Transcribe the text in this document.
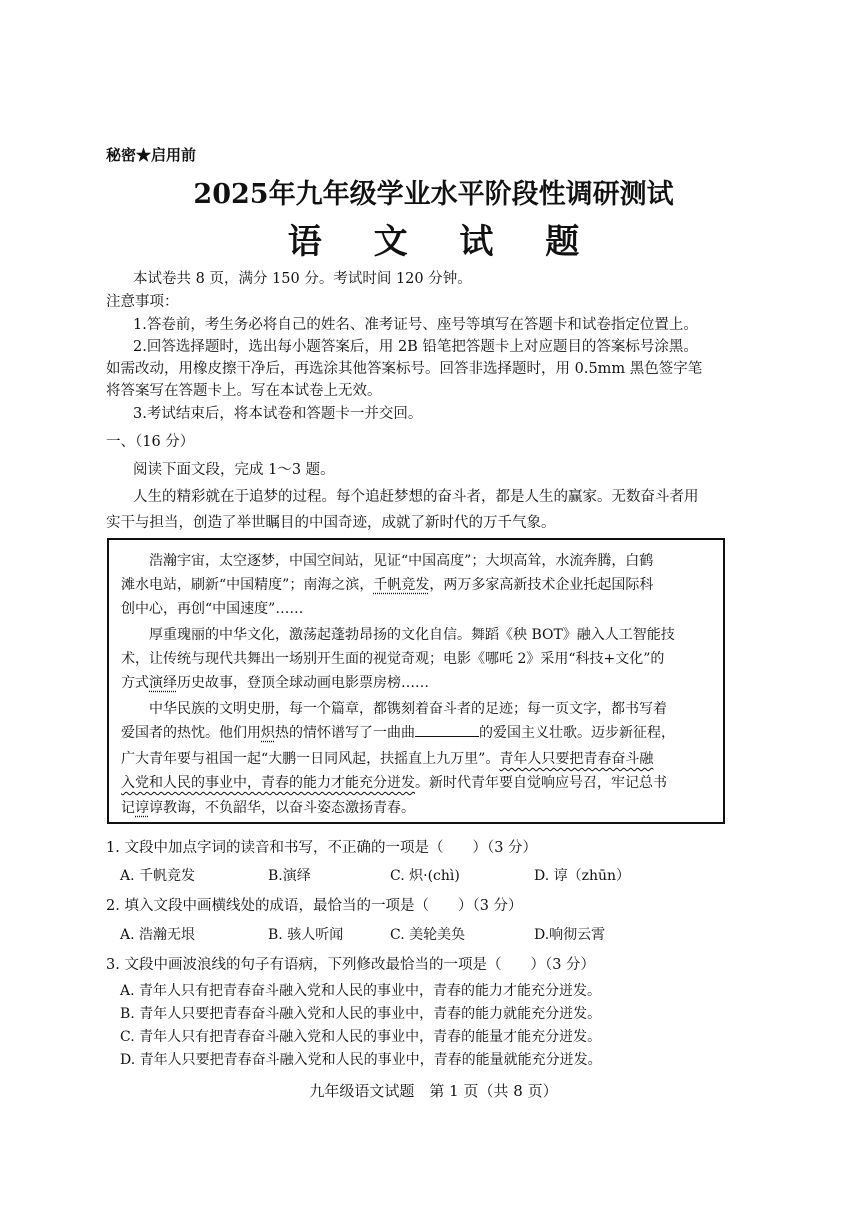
秘密★启用前
2025年九年级学业水平阶段性调研测试
语 文 试 题
本试卷共 8 页，满分 150 分。考试时间 120 分钟。
注意事项：
1.答卷前，考生务必将自己的姓名、准考证号、座号等填写在答题卡和试卷指定位置上。
2.回答选择题时，选出每小题答案后，用 2B 铅笔把答题卡上对应题目的答案标号涂黑。
如需改动，用橡皮擦干净后，再选涂其他答案标号。回答非选择题时，用 0.5mm 黑色签字笔
将答案写在答题卡上。写在本试卷上无效。
3.考试结束后，将本试卷和答题卡一并交回。
一、（16 分）
阅读下面文段，完成 1～3 题。
人生的精彩就在于追梦的过程。每个追赶梦想的奋斗者，都是人生的赢家。无数奋斗者用
实干与担当，创造了举世瞩目的中国奇迹，成就了新时代的万千气象。
浩瀚宇宙，太空逐梦，中国空间站，见证“中国高度”；大坝高耸，水流奔腾，白鹤
滩水电站，刷新“中国精度”；南海之滨，千帆竞发，两万多家高新技术企业托起国际科
创中心，再创“中国速度”……
厚重瑰丽的中华文化，激荡起蓬勃昂扬的文化自信。舞蹈《秧 BOT》融入人工智能技
术，让传统与现代共舞出一场别开生面的视觉奇观；电影《哪吒 2》采用“科技+文化”的
方式演绎历史故事，登顶全球动画电影票房榜……
中华民族的文明史册，每一个篇章，都镌刻着奋斗者的足迹；每一页文字，都书写着
爱国者的热忱。他们用炽热的情怀谱写了一曲曲	的爱国主义壮歌。迈步新征程，
广大青年要与祖国一起“大鹏一日同风起，扶摇直上九万里”。青年人只要把青春奋斗融
入党和人民的事业中，青春的能力才能充分迸发。新时代青年要自觉响应号召，牢记总书
记谆谆教诲，不负韶华，以奋斗姿态激扬青春。
1. 文段中加点字词的读音和书写，不正确的一项是（　　）（3 分）
A. 千帆竞发	B.演绎	C. 炽·(chì)	D. 谆（zhūn）
2. 填入文段中画横线处的成语，最恰当的一项是（　　）（3 分）
A. 浩瀚无垠	B. 骇人听闻	C. 美轮美奂	D.响彻云霄
3. 文段中画波浪线的句子有语病，下列修改最恰当的一项是（　　）（3 分）
A. 青年人只有把青春奋斗融入党和人民的事业中，青春的能力才能充分迸发。
B. 青年人只要把青春奋斗融入党和人民的事业中，青春的能力就能充分迸发。
C. 青年人只有把青春奋斗融入党和人民的事业中，青春的能量才能充分迸发。
D. 青年人只要把青春奋斗融入党和人民的事业中，青春的能量就能充分迸发。
九年级语文试题　第 1 页（共 8 页）
